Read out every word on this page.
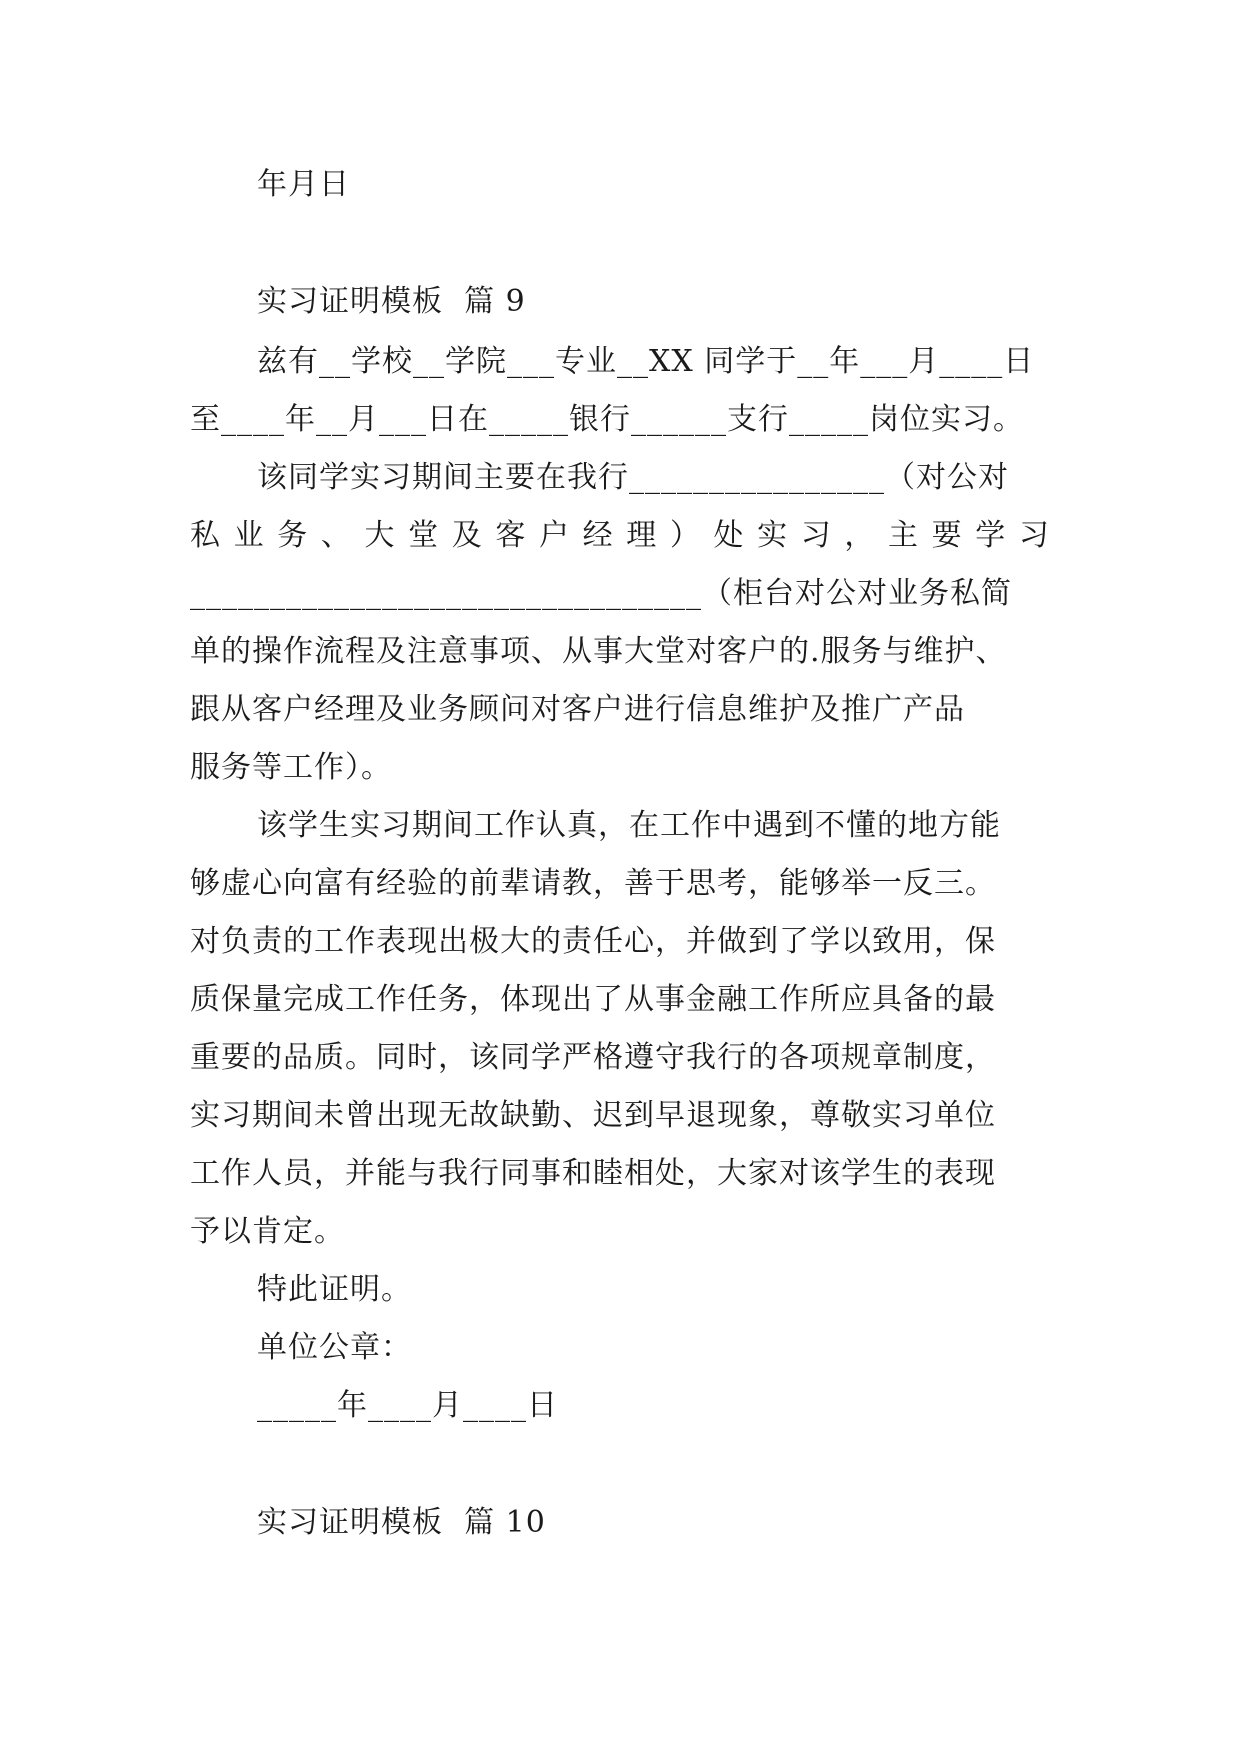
年月日
实习证明模板  篇 9
兹有__学校__学院___专业__XX 同学于__年___月____日
至____年__月___日在_____银行______支行_____岗位实习。
该同学实习期间主要在我行________________（对公对
私 业 务 、 大 堂 及 客 户 经 理 ） 处 实 习 ， 主 要 学 习
________________________________（柜台对公对业务私简
单的操作流程及注意事项、从事大堂对客户的.服务与维护、
跟从客户经理及业务顾问对客户进行信息维护及推广产品
服务等工作）。
该学生实习期间工作认真，在工作中遇到不懂的地方能
够虚心向富有经验的前辈请教，善于思考，能够举一反三。
对负责的工作表现出极大的责任心，并做到了学以致用，保
质保量完成工作任务，体现出了从事金融工作所应具备的最
重要的品质。同时，该同学严格遵守我行的各项规章制度，
实习期间未曾出现无故缺勤、迟到早退现象，尊敬实习单位
工作人员，并能与我行同事和睦相处，大家对该学生的表现
予以肯定。
特此证明。
单位公章：
_____年____月____日
实习证明模板  篇 10
